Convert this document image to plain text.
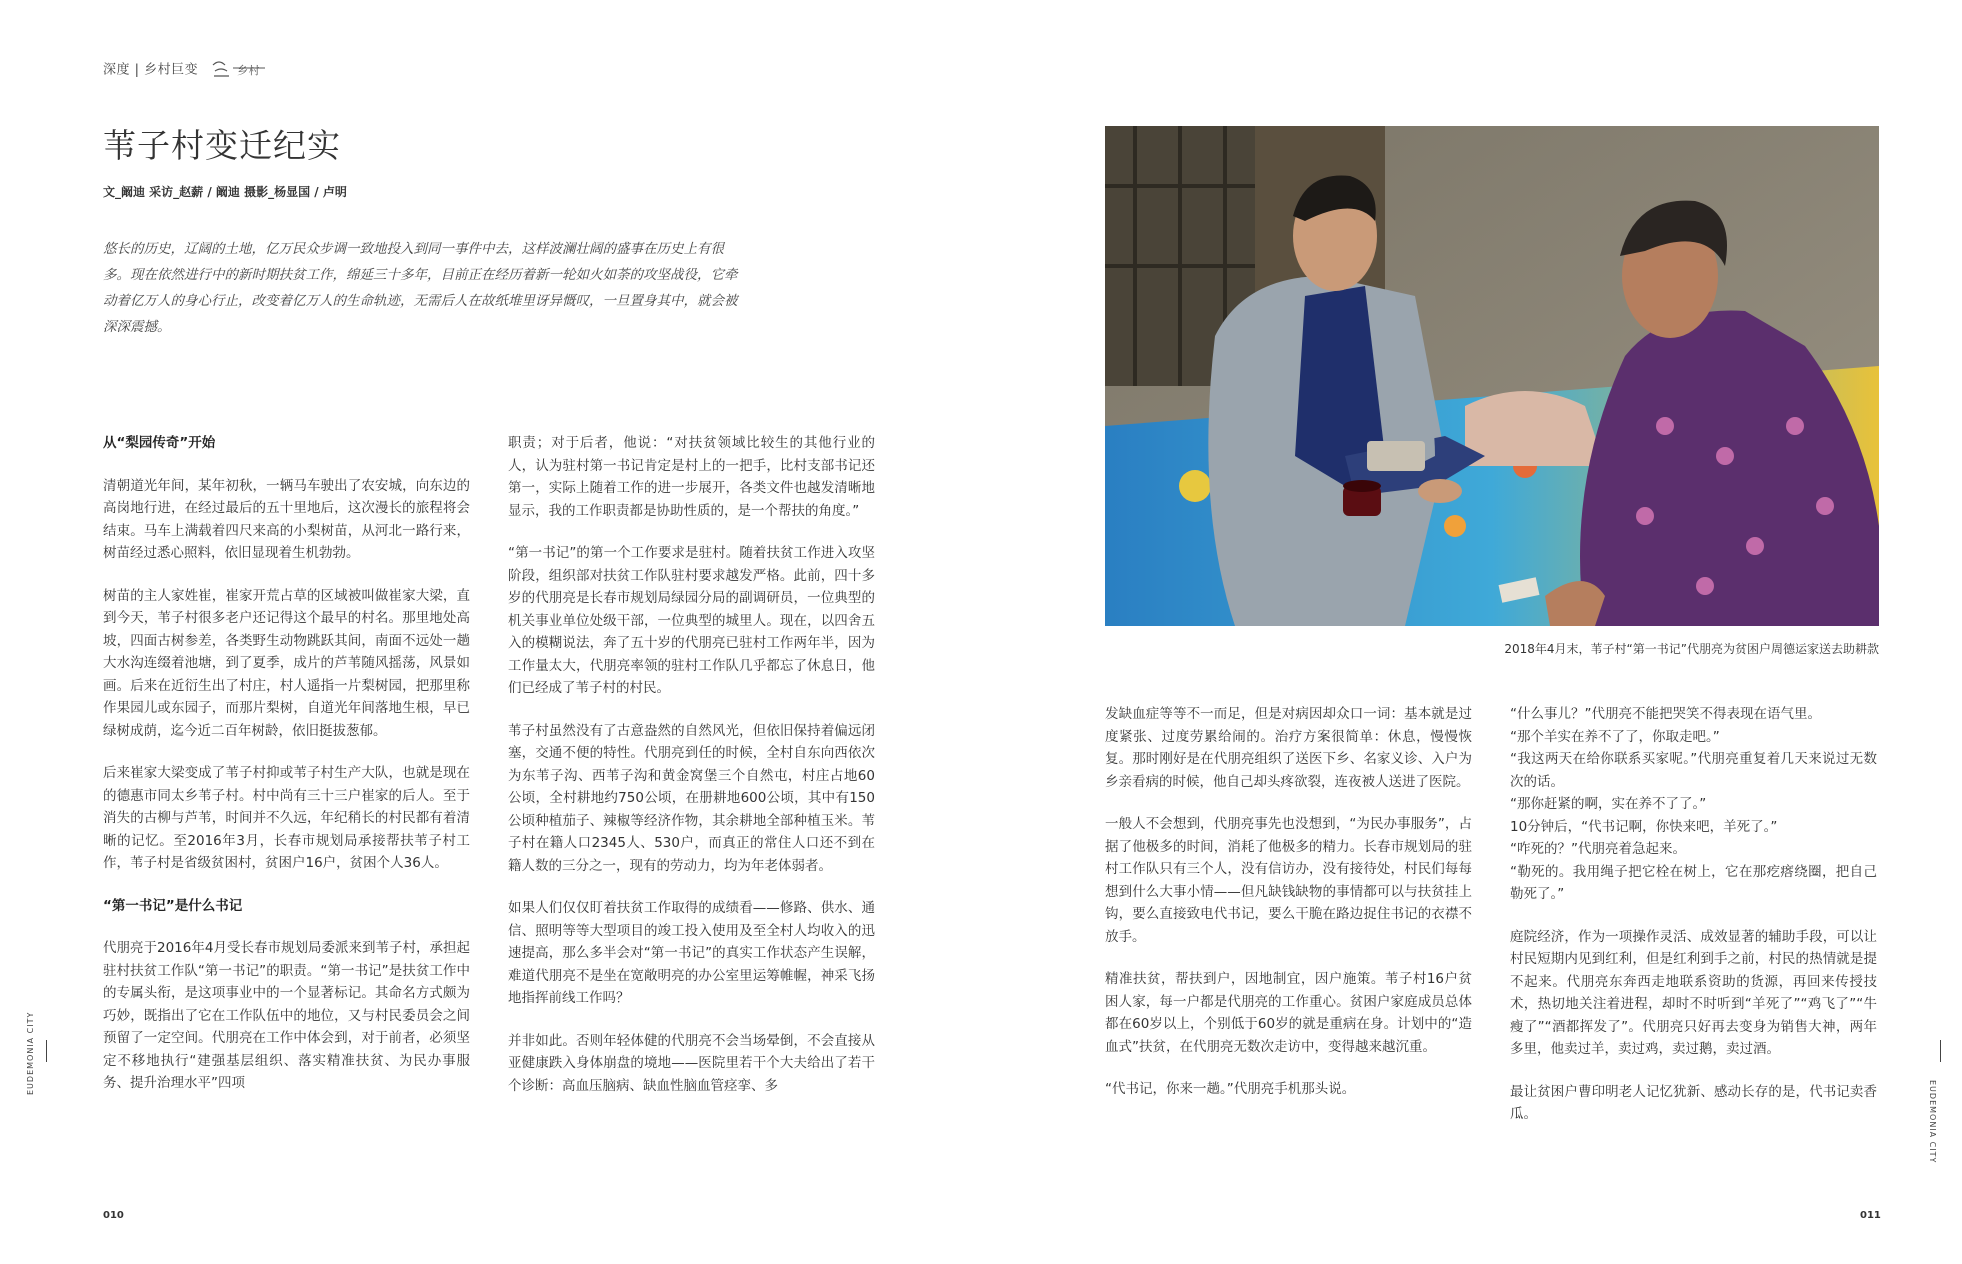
深度 | 乡村巨变	乡村
苇子村变迁纪实
文_阚迪 采访_赵薪 / 阚迪 摄影_杨显国 / 卢明
悠长的历史，辽阔的土地，亿万民众步调一致地投入到同一事件中去，这样波澜壮阔的盛事在历史上有很多。现在依然进行中的新时期扶贫工作，绵延三十多年，目前正在经历着新一轮如火如荼的攻坚战役，它牵动着亿万人的身心行止，改变着亿万人的生命轨迹，无需后人在故纸堆里讶异慨叹，一旦置身其中，就会被深深震撼。
从“梨园传奇”开始

清朝道光年间，某年初秋，一辆马车驶出了农安城，向东边的高岗地行进，在经过最后的五十里地后，这次漫长的旅程将会结束。马车上满载着四尺来高的小梨树苗，从河北一路行来，树苗经过悉心照料，依旧显现着生机勃勃。

树苗的主人家姓崔，崔家开荒占草的区域被叫做崔家大梁，直到今天，苇子村很多老户还记得这个最早的村名。那里地处高坡，四面古树参差，各类野生动物跳跃其间，南面不远处一趟大水沟连缀着池塘，到了夏季，成片的芦苇随风摇荡，风景如画。后来在近衍生出了村庄，村人遥指一片梨树园，把那里称作果园儿或东园子，而那片梨树，自道光年间落地生根，早已绿树成荫，迄今近二百年树龄，依旧挺拔葱郁。

后来崔家大梁变成了苇子村抑或苇子村生产大队，也就是现在的德惠市同太乡苇子村。村中尚有三十三户崔家的后人。至于消失的古柳与芦苇，时间并不久远，年纪稍长的村民都有着清晰的记忆。至2016年3月，长春市规划局承接帮扶苇子村工作，苇子村是省级贫困村，贫困户16户，贫困个人36人。

“第一书记”是什么书记

代朋亮于2016年4月受长春市规划局委派来到苇子村，承担起驻村扶贫工作队“第一书记”的职责。“第一书记”是扶贫工作中的专属头衔，是这项事业中的一个显著标记。其命名方式颇为巧妙，既指出了它在工作队伍中的地位，又与村民委员会之间预留了一定空间。代朋亮在工作中体会到，对于前者，必须坚定不移地执行“建强基层组织、落实精准扶贫、为民办事服务、提升治理水平”四项

职责；对于后者，他说：“对扶贫领域比较生的其他行业的人，认为驻村第一书记肯定是村上的一把手，比村支部书记还第一，实际上随着工作的进一步展开，各类文件也越发清晰地显示，我的工作职责都是协助性质的，是一个帮扶的角度。”

“第一书记”的第一个工作要求是驻村。随着扶贫工作进入攻坚阶段，组织部对扶贫工作队驻村要求越发严格。此前，四十多岁的代朋亮是长春市规划局绿园分局的副调研员，一位典型的机关事业单位处级干部，一位典型的城里人。现在，以四舍五入的模糊说法，奔了五十岁的代朋亮已驻村工作两年半，因为工作量太大，代朋亮率领的驻村工作队几乎都忘了休息日，他们已经成了苇子村的村民。

苇子村虽然没有了古意盎然的自然风光，但依旧保持着偏远闭塞，交通不便的特性。代朋亮到任的时候，全村自东向西依次为东苇子沟、西苇子沟和黄金窝堡三个自然屯，村庄占地60公顷，全村耕地约750公顷，在册耕地600公顷，其中有150公顷种植茄子、辣椒等经济作物，其余耕地全部种植玉米。苇子村在籍人口2345人、530户，而真正的常住人口还不到在籍人数的三分之一，现有的劳动力，均为年老体弱者。

如果人们仅仅盯着扶贫工作取得的成绩看——修路、供水、通信、照明等等大型项目的竣工投入使用及至全村人均收入的迅速提高，那么多半会对“第一书记”的真实工作状态产生误解，难道代朋亮不是坐在宽敞明亮的办公室里运筹帷幄，神采飞扬地指挥前线工作吗？

并非如此。否则年轻体健的代朋亮不会当场晕倒，不会直接从亚健康跌入身体崩盘的境地——医院里若干个大夫给出了若干个诊断：高血压脑病、缺血性脑血管痉挛、多

EUDEMONIA CITY
010
2018年4月末，苇子村“第一书记”代朋亮为贫困户周德运家送去助耕款

发缺血症等等不一而足，但是对病因却众口一词：基本就是过度紧张、过度劳累给闹的。治疗方案很简单：休息，慢慢恢复。那时刚好是在代朋亮组织了送医下乡、名家义诊、入户为乡亲看病的时候，他自己却头疼欲裂，连夜被人送进了医院。

一般人不会想到，代朋亮事先也没想到，“为民办事服务”，占据了他极多的时间，消耗了他极多的精力。长春市规划局的驻村工作队只有三个人，没有信访办，没有接待处，村民们每每想到什么大事小情——但凡缺钱缺物的事情都可以与扶贫挂上钩，要么直接致电代书记，要么干脆在路边捉住书记的衣襟不放手。

精准扶贫，帮扶到户，因地制宜，因户施策。苇子村16户贫困人家，每一户都是代朋亮的工作重心。贫困户家庭成员总体都在60岁以上，个别低于60岁的就是重病在身。计划中的“造血式”扶贫，在代朋亮无数次走访中，变得越来越沉重。

“代书记，你来一趟。”代朋亮手机那头说。

“什么事儿？”代朋亮不能把哭笑不得表现在语气里。

“那个羊实在养不了了，你取走吧。”

“我这两天在给你联系买家呢。”代朋亮重复着几天来说过无数次的话。

“那你赶紧的啊，实在养不了了。”

10分钟后，“代书记啊，你快来吧，羊死了。”

“咋死的？”代朋亮着急起来。

“勒死的。我用绳子把它栓在树上，它在那疙瘩绕圈，把自己勒死了。”

庭院经济，作为一项操作灵活、成效显著的辅助手段，可以让村民短期内见到红利，但是红利到手之前，村民的热情就是提不起来。代朋亮东奔西走地联系资助的货源，再回来传授技术，热切地关注着进程，却时不时听到“羊死了”“鸡飞了”“牛瘦了”“酒都挥发了”。代朋亮只好再去变身为销售大神，两年多里，他卖过羊，卖过鸡，卖过鹅，卖过酒。

最让贫困户曹印明老人记忆犹新、感动长存的是，代书记卖香瓜。	EUDEMONIA CITY
011
